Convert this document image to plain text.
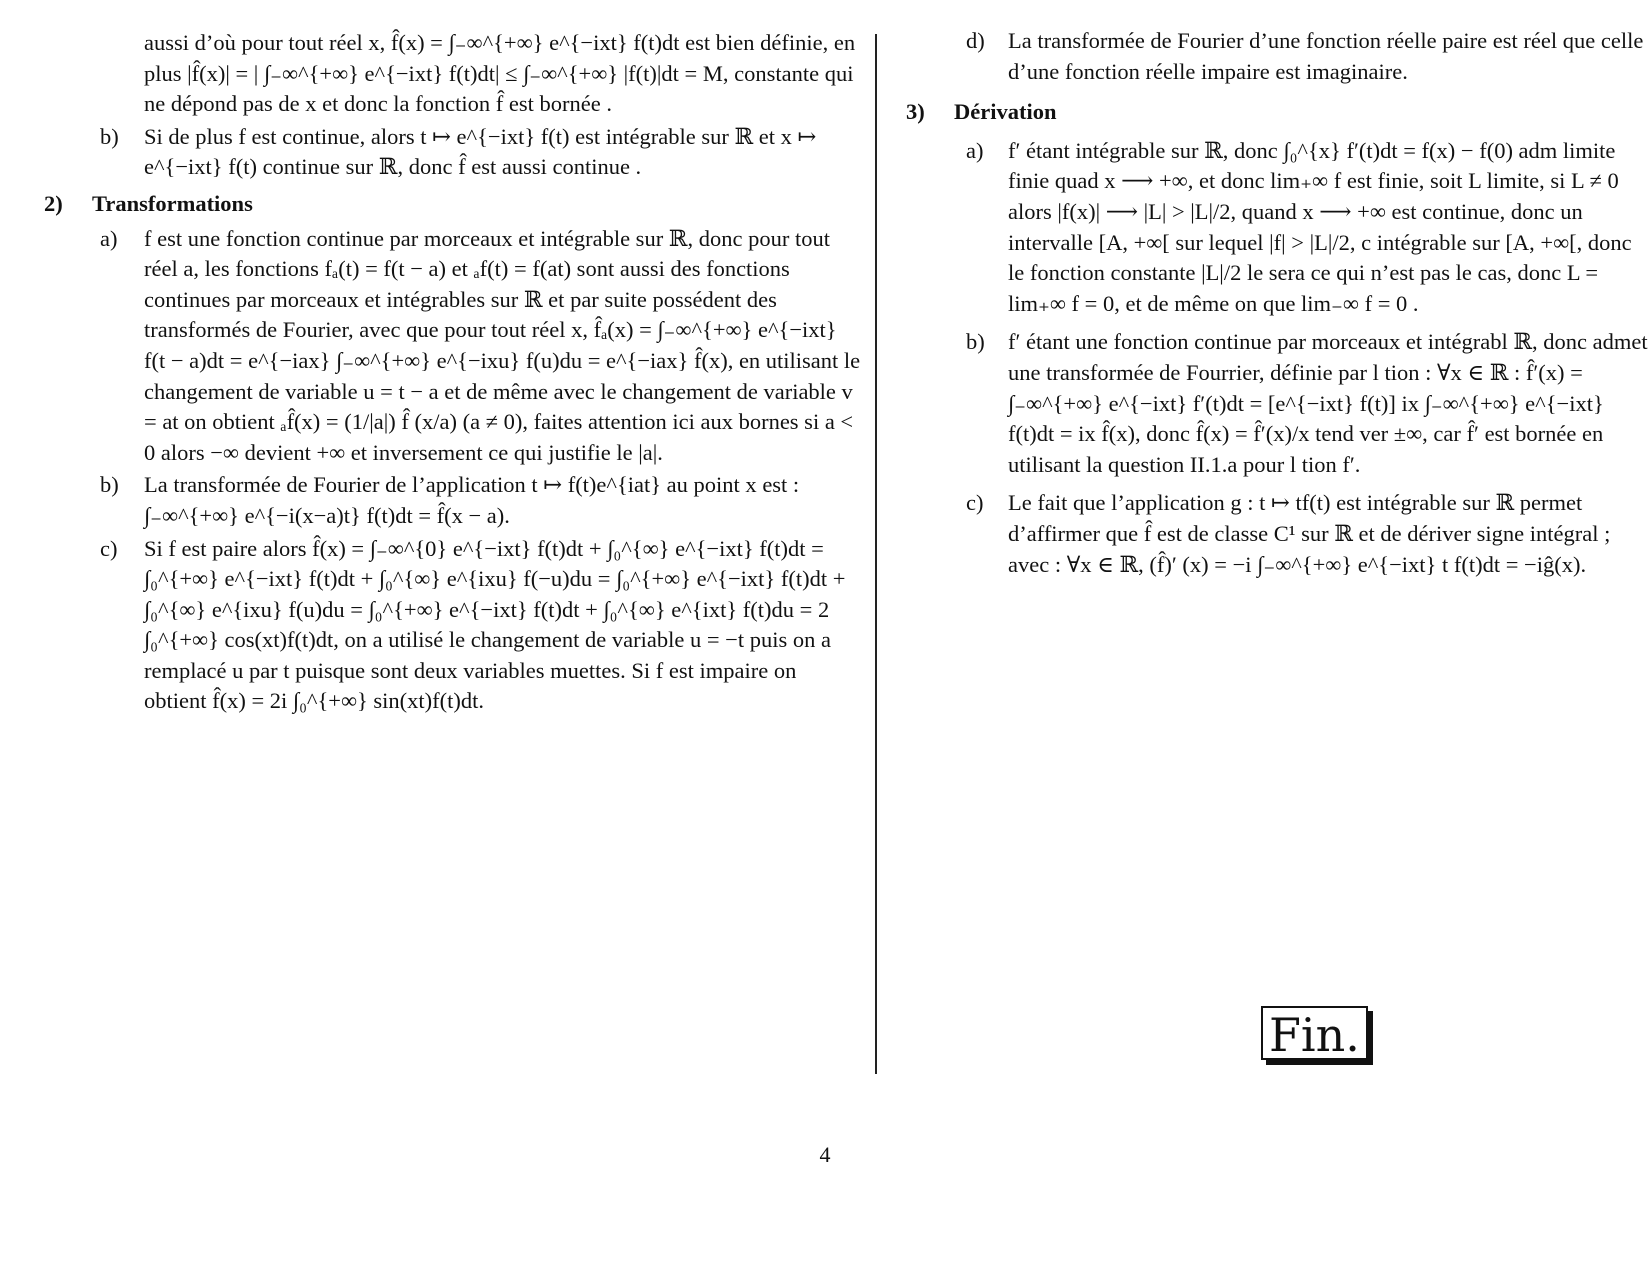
aussi d’où pour tout réel x, f̂(x) = ∫₋∞^{+∞} e^{−ixt} f(t)dt est bien définie, en plus |f̂(x)| = | ∫₋∞^{+∞} e^{−ixt} f(t)dt| ≤ ∫₋∞^{+∞} |f(t)|dt = M, constante qui ne dépond pas de x et donc la fonction f̂ est bornée .
b) Si de plus f est continue, alors t ↦ e^{−ixt} f(t) est intégrable sur ℝ et x ↦ e^{−ixt} f(t) continue sur ℝ, donc f̂ est aussi continue .
2) Transformations
a) f est une fonction continue par morceaux et intégrable sur ℝ, donc pour tout réel a, les fonctions fₐ(t) = f(t − a) et ₐf(t) = f(at) sont aussi des fonctions continues par morceaux et intégrables sur ℝ et par suite possédent des transformés de Fourier, avec que pour tout réel x, f̂ₐ(x) = ∫₋∞^{+∞} e^{−ixt} f(t − a)dt = e^{−iax} ∫₋∞^{+∞} e^{−ixu} f(u)du = e^{−iax} f̂(x), en utilisant le changement de variable u = t − a et de même avec le changement de variable v = at on obtient ₐf̂(x) = (1/|a|) f̂ (x/a) (a ≠ 0), faites attention ici aux bornes si a < 0 alors −∞ devient +∞ et inversement ce qui justifie le |a|.
b) La transformée de Fourier de l’application t ↦ f(t)e^{iat} au point x est : ∫₋∞^{+∞} e^{−i(x−a)t} f(t)dt = f̂(x − a).
c) Si f est paire alors f̂(x) = ∫₋∞^{0} e^{−ixt} f(t)dt + ∫₀^{∞} e^{−ixt} f(t)dt = ∫₀^{+∞} e^{−ixt} f(t)dt + ∫₀^{∞} e^{ixu} f(−u)du = ∫₀^{+∞} e^{−ixt} f(t)dt + ∫₀^{∞} e^{ixu} f(u)du = ∫₀^{+∞} e^{−ixt} f(t)dt + ∫₀^{∞} e^{ixt} f(t)du = 2 ∫₀^{+∞} cos(xt)f(t)dt, on a utilisé le changement de variable u = −t puis on a remplacé u par t puisque sont deux variables muettes. Si f est impaire on obtient f̂(x) = 2i ∫₀^{+∞} sin(xt)f(t)dt.
d) La transformée de Fourier d’une fonction réelle paire est réel que celle d’une fonction réelle impaire est imaginaire.
3) Dérivation
a) f′ étant intégrable sur ℝ, donc ∫₀^{x} f′(t)dt = f(x) − f(0) adm limite finie quad x ⟶ +∞, et donc lim₊∞ f est finie, soit L limite, si L ≠ 0 alors |f(x)| ⟶ |L| > |L|/2, quand x ⟶ +∞ est continue, donc un intervalle [A, +∞[ sur lequel |f| > |L|/2, c intégrable sur [A, +∞[, donc le fonction constante |L|/2 le sera ce qui n’est pas le cas, donc L = lim₊∞ f = 0, et de même on que lim₋∞ f = 0 .
b) f′ étant une fonction continue par morceaux et intégrabl ℝ, donc admet une transformée de Fourrier, définie par l tion : ∀x ∈ ℝ : f̂′(x) = ∫₋∞^{+∞} e^{−ixt} f′(t)dt = [e^{−ixt} f(t)] ix ∫₋∞^{+∞} e^{−ixt} f(t)dt = ix f̂(x), donc f̂(x) = f̂′(x)/x tend ver ±∞, car f̂′ est bornée en utilisant la question II.1.a pour l tion f′.
c) Le fait que l’application g : t ↦ tf(t) est intégrable sur ℝ permet d’affirmer que f̂ est de classe C¹ sur ℝ et de dériver signe intégral ; avec : ∀x ∈ ℝ, (f̂)′ (x) = −i ∫₋∞^{+∞} e^{−ixt} t f(t)dt = −iĝ(x).
Fin.
4
